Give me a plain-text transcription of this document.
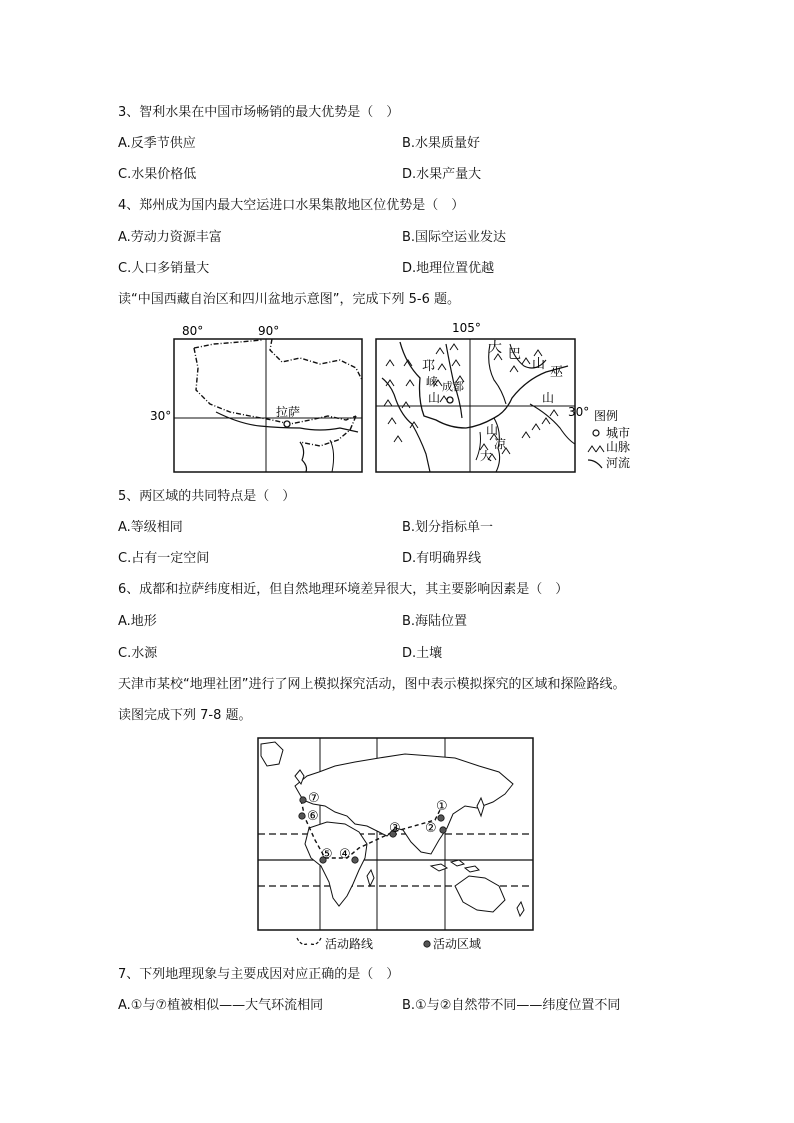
3、智利水果在中国市场畅销的最大优势是（　）
A.反季节供应	B.水果质量好
C.水果价格低	D.水果产量大
4、郑州成为国内最大空运进口水果集散地区位优势是（　）
A.劳动力资源丰富	B.国际空运业发达
C.人口多销量大	D.地理位置优越
读“中国西藏自治区和四川盆地示意图”，完成下列 5-6 题。
80°	90°
30°	拉萨
105°
30°
邛
崃
山
大 巴
山
巫
山
山
凉
大
成都
图例
城市
山脉
河流
5、两区域的共同特点是（　）
A.等级相同	B.划分指标单一
C.占有一定空间	D.有明确界线
6、成都和拉萨纬度相近，但自然地理环境差异很大，其主要影响因素是（　）
A.地形	B.海陆位置
C.水源	D.土壤
天津市某校“地理社团”进行了网上模拟探究活动，图中表示模拟探究的区域和探险路线。
读图完成下列 7-8 题。
①
②
③
④
⑤
⑥
⑦
活动路线	活动区域
7、下列地理现象与主要成因对应正确的是（　）
A.①与⑦植被相似——大气环流相同	B.①与②自然带不同——纬度位置不同
